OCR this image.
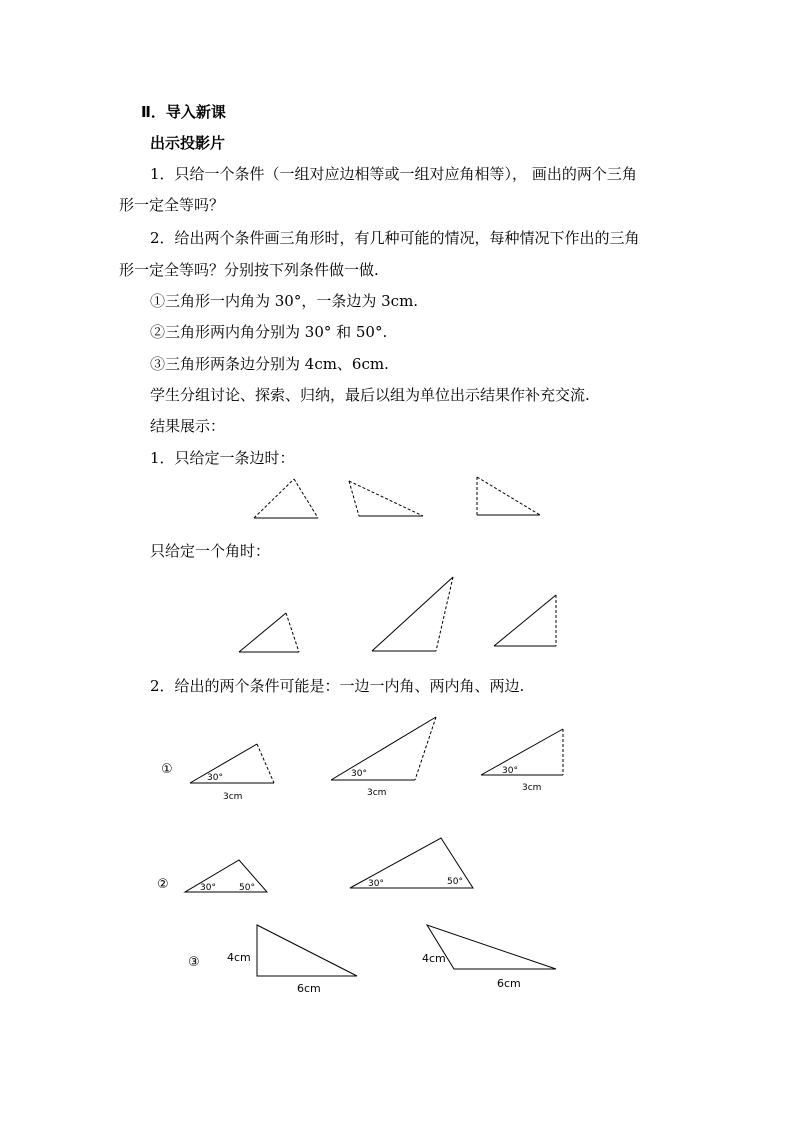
Ⅱ．导入新课
出示投影片
1．只给一个条件（一组对应边相等或一组对应角相等）， 画出的两个三角
形一定全等吗？
2．给出两个条件画三角形时，有几种可能的情况，每种情况下作出的三角
形一定全等吗？分别按下列条件做一做.
①三角形一内角为 30°，一条边为 3cm.
②三角形两内角分别为 30° 和 50°.
③三角形两条边分别为 4cm、6cm.
学生分组讨论、探索、归纳，最后以组为单位出示结果作补充交流.
结果展示：
1．只给定一条边时：
只给定一个角时：
2．给出的两个条件可能是：一边一内角、两内角、两边.
①
30°
3cm
30°
3cm
30°
3cm
②	30°	50°	30°	50°
③ 4cm
6cm
4cm
6cm
